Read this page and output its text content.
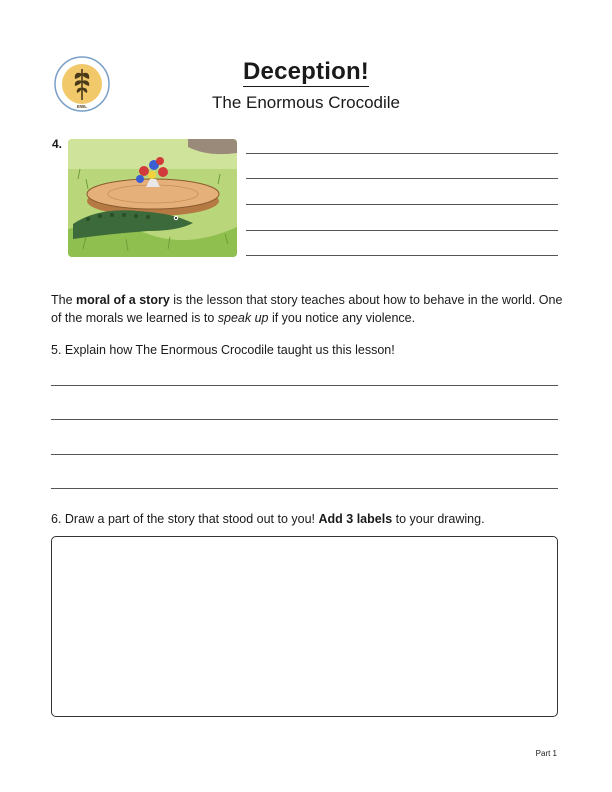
EWL
Deception!
The Enormous Crocodile
4.
The moral of a story is the lesson that story teaches about how to behave in the world. One of the morals we learned is to speak up if you notice any violence.
5. Explain how The Enormous Crocodile taught us this lesson!
6. Draw a part of the story that stood out to you! Add 3 labels to your drawing.
Part 1
